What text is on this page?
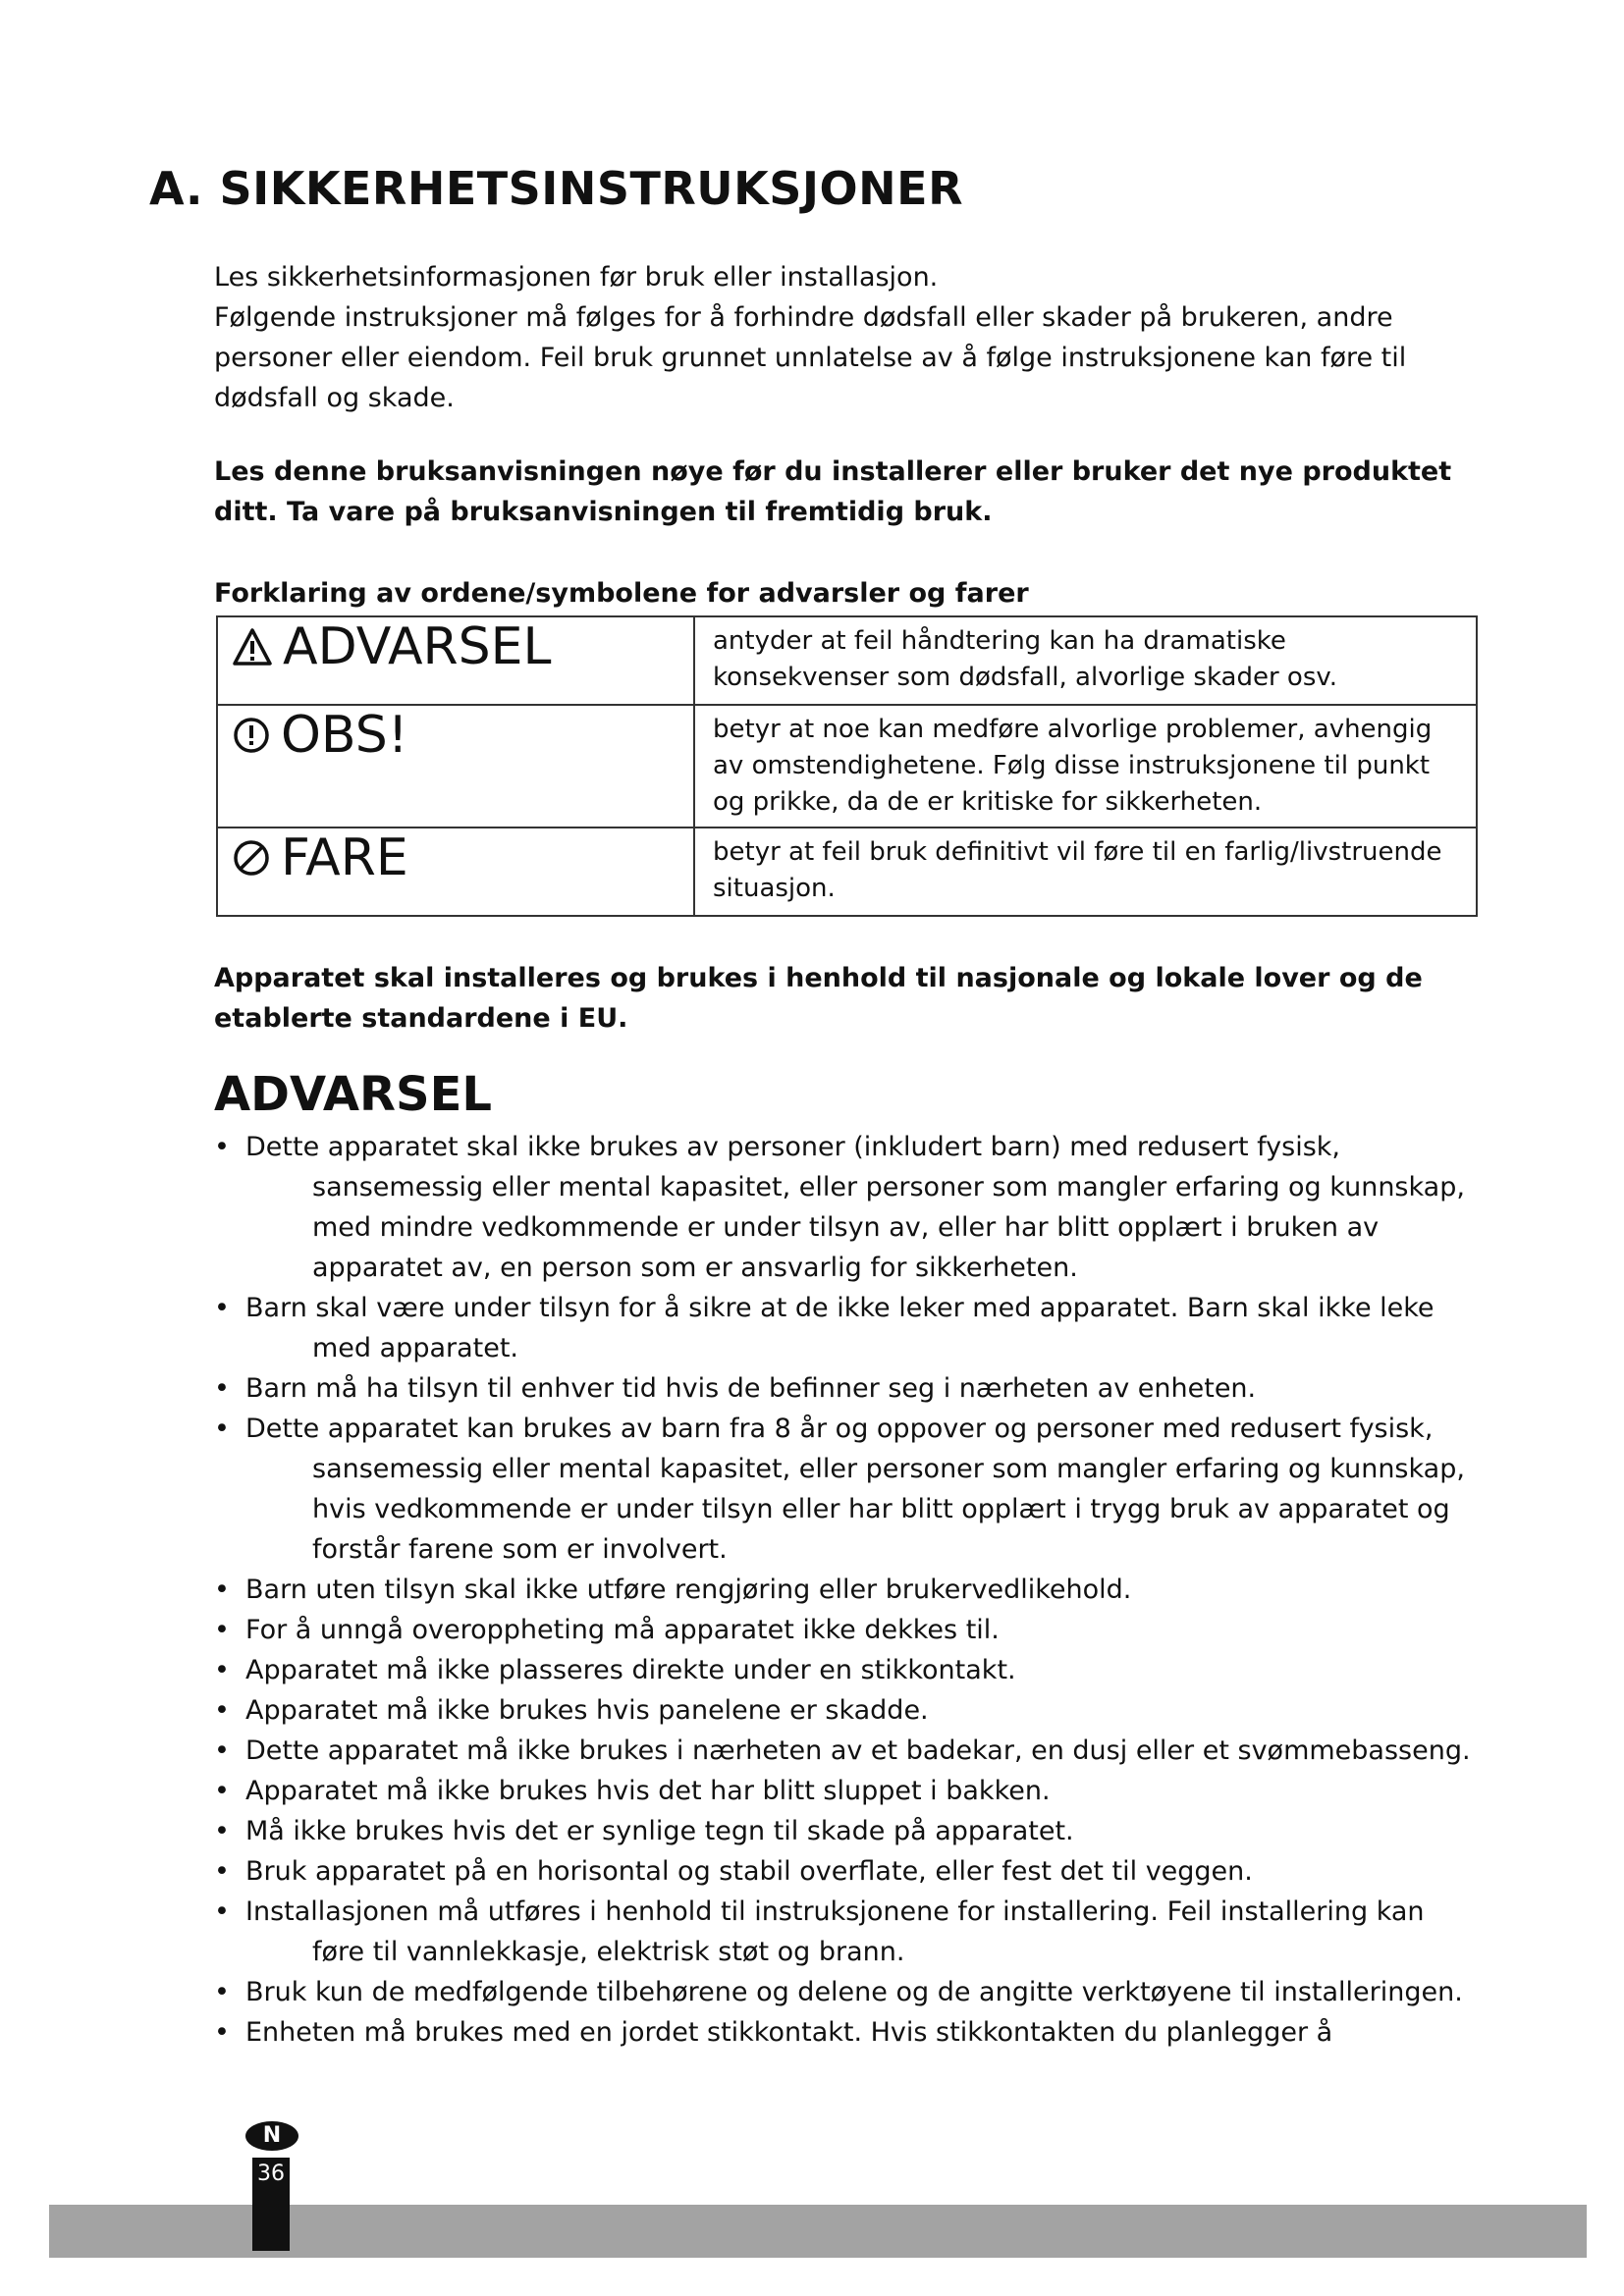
A. SIKKERHETSINSTRUKSJONER

Les sikkerhetsinformasjonen før bruk eller installasjon.

Følgende instruksjoner må følges for å forhindre dødsfall eller skader på brukeren, andre personer eller eiendom. Feil bruk grunnet unnlatelse av å følge instruksjonene kan føre til dødsfall og skade.

Les denne bruksanvisningen nøye før du installerer eller bruker det nye produktet ditt. Ta vare på bruksanvisningen til fremtidig bruk.

Forklaring av ordene/symbolene for advarsler og farer

ADVARSEL	antyder at feil håndtering kan ha dramatiske konsekvenser som dødsfall, alvorlige skader osv.

OBS!	betyr at noe kan medføre alvorlige problemer, avhengig av omstendighetene. Følg disse instruksjonene til punkt og prikke, da de er kritiske for sikkerheten.

FARE	betyr at feil bruk definitivt vil føre til en farlig/livstruende situasjon.

Apparatet skal installeres og brukes i henhold til nasjonale og lokale lover og de etablerte standardene i EU.

ADVARSEL
• Dette apparatet skal ikke brukes av personer (inkludert barn) med redusert fysisk, sansemessig eller mental kapasitet, eller personer som mangler erfaring og kunnskap, med mindre vedkommende er under tilsyn av, eller har blitt opplært i bruken av apparatet av, en person som er ansvarlig for sikkerheten.
• Barn skal være under tilsyn for å sikre at de ikke leker med apparatet. Barn skal ikke leke med apparatet.
• Barn må ha tilsyn til enhver tid hvis de befinner seg i nærheten av enheten.
• Dette apparatet kan brukes av barn fra 8 år og oppover og personer med redusert fysisk, sansemessig eller mental kapasitet, eller personer som mangler erfaring og kunnskap, hvis vedkommende er under tilsyn eller har blitt opplært i trygg bruk av apparatet og forstår farene som er involvert.
• Barn uten tilsyn skal ikke utføre rengjøring eller brukervedlikehold.
• For å unngå overoppheting må apparatet ikke dekkes til.
• Apparatet må ikke plasseres direkte under en stikkontakt.
• Apparatet må ikke brukes hvis panelene er skadde.
• Dette apparatet må ikke brukes i nærheten av et badekar, en dusj eller et svømmebasseng.
• Apparatet må ikke brukes hvis det har blitt sluppet i bakken.
• Må ikke brukes hvis det er synlige tegn til skade på apparatet.
• Bruk apparatet på en horisontal og stabil overflate, eller fest det til veggen.
• Installasjonen må utføres i henhold til instruksjonene for installering. Feil installering kan føre til vannlekkasje, elektrisk støt og brann.
• Bruk kun de medfølgende tilbehørene og delene og de angitte verktøyene til installeringen.
• Enheten må brukes med en jordet stikkontakt. Hvis stikkontakten du planlegger å
N
36
